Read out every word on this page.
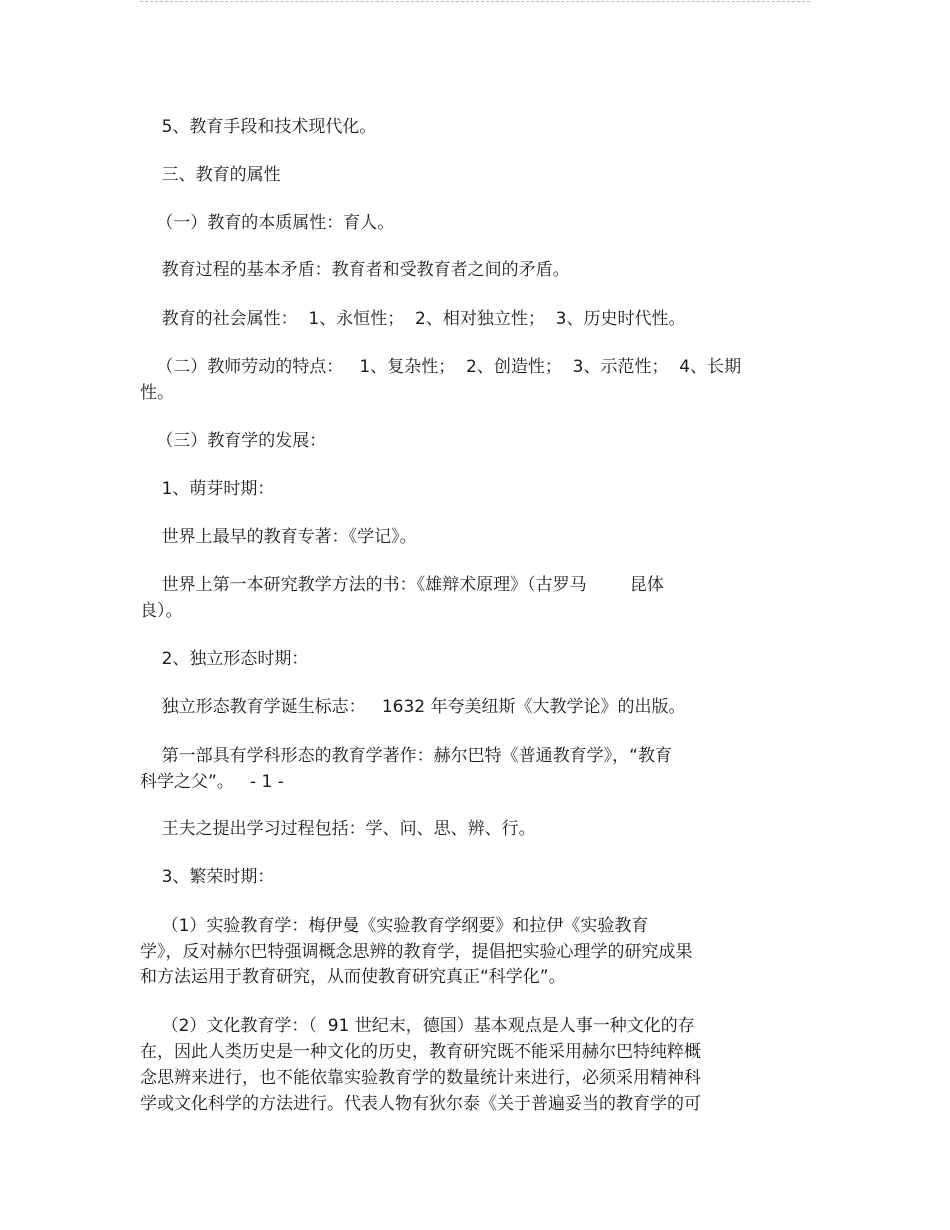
5、教育手段和技术现代化。

三、教育的属性

（一）教育的本质属性：育人。

教育过程的基本矛盾：教育者和受教育者之间的矛盾。

教育的社会属性：  1、永恒性；  2、相对独立性；  3、历史时代性。

（二）教师劳动的特点：   1、复杂性；  2、创造性；  3、示范性；  4、长期

性。

（三）教育学的发展：

1、萌芽时期：

世界上最早的教育专著：《学记》。

世界上第一本研究教学方法的书：《雄辩术原理》（古罗马        昆体

良）。

2、独立形态时期：

独立形态教育学诞生标志：   1632 年夸美纽斯《大教学论》的出版。

第一部具有学科形态的教育学著作：赫尔巴特《普通教育学》，“教育

科学之父”。   - 1 -

王夫之提出学习过程包括：学、问、思、辨、行。

3、繁荣时期：

（1）实验教育学：梅伊曼《实验教育学纲要》和拉伊《实验教育

学》，反对赫尔巴特强调概念思辨的教育学，提倡把实验心理学的研究成果

和方法运用于教育研究，从而使教育研究真正“科学化”。

（2）文化教育学：（  91 世纪末，德国）基本观点是人事一种文化的存

在，因此人类历史是一种文化的历史，教育研究既不能采用赫尔巴特纯粹概

念思辨来进行，也不能依靠实验教育学的数量统计来进行，必须采用精神科

学或文化科学的方法进行。代表人物有狄尔泰《关于普遍妥当的教育学的可
